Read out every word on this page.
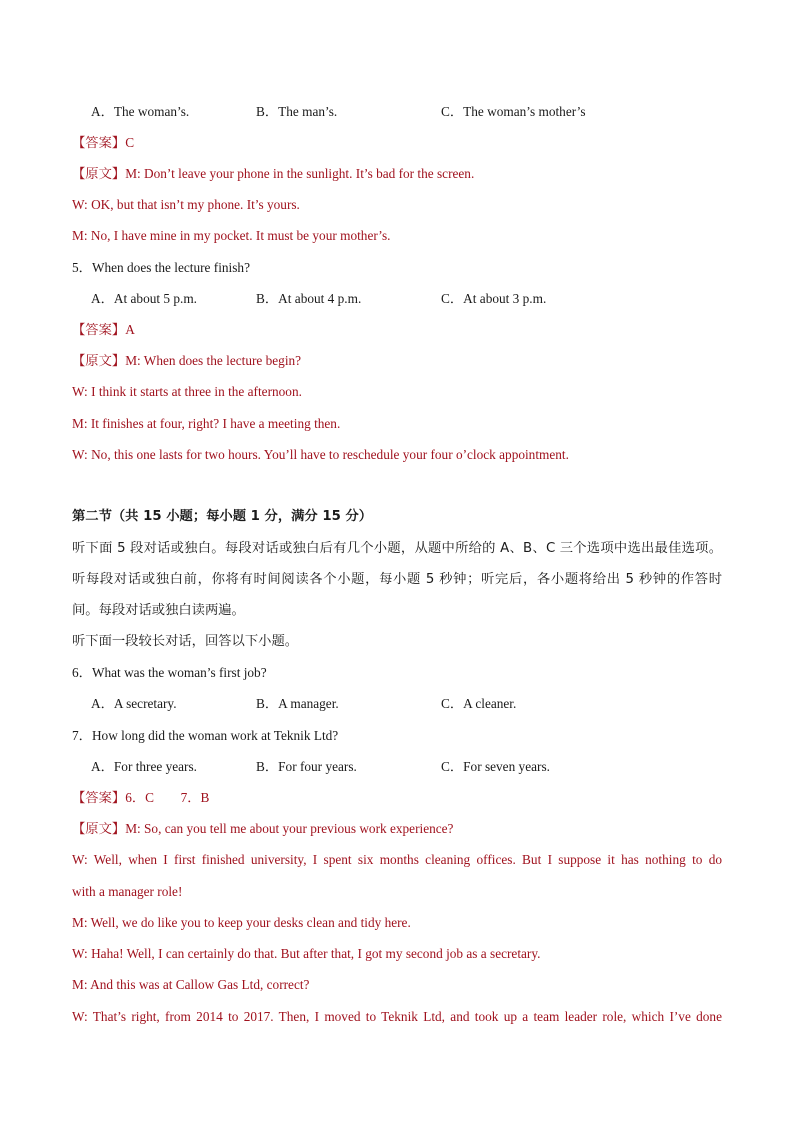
A．The woman’s.	B．The man’s.	C．The woman’s mother’s
【答案】C
【原文】M: Don’t leave your phone in the sunlight. It’s bad for the screen.
W: OK, but that isn’t my phone. It’s yours.
M: No, I have mine in my pocket. It must be your mother’s.
5．When does the lecture finish?
A．At about 5 p.m.	B．At about 4 p.m.	C．At about 3 p.m.
【答案】A
【原文】M: When does the lecture begin?
W: I think it starts at three in the afternoon.
M: It finishes at four, right? I have a meeting then.
W: No, this one lasts for two hours. You’ll have to reschedule your four o’clock appointment.
第二节（共 15 小题；每小题 1 分，满分 15 分）
听下面 5 段对话或独白。每段对话或独白后有几个小题，从题中所给的 A、B、C 三个选项中选出最佳选项。
听每段对话或独白前，你将有时间阅读各个小题，每小题 5 秒钟；听完后，各小题将给出 5 秒钟的作答时
间。每段对话或独白读两遍。
听下面一段较长对话，回答以下小题。
6．What was the woman’s first job?
A．A secretary.	B．A manager.	C．A cleaner.
7．How long did the woman work at Teknik Ltd?
A．For three years.	B．For four years.	C．For seven years.
【答案】6．C　　7．B
【原文】M: So, can you tell me about your previous work experience?
W: Well, when I first finished university, I spent six months cleaning offices. But I suppose it has nothing to do
with a manager role!
M: Well, we do like you to keep your desks clean and tidy here.
W: Haha! Well, I can certainly do that. But after that, I got my second job as a secretary.
M: And this was at Callow Gas Ltd, correct?
W: That’s right, from 2014 to 2017. Then, I moved to Teknik Ltd, and took up a team leader role, which I’ve done
